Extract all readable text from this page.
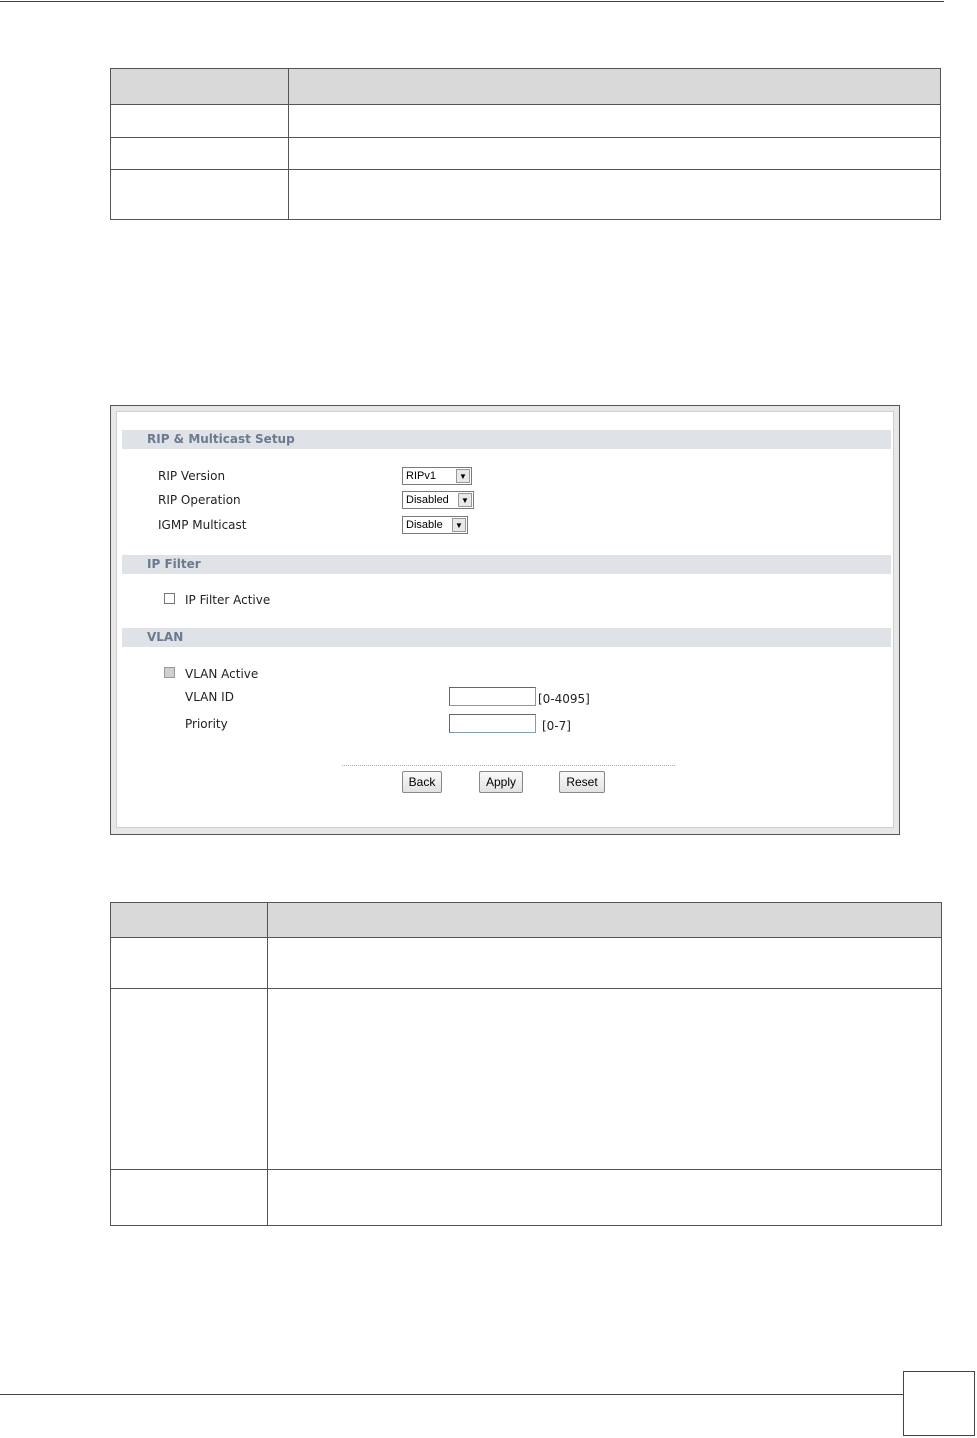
RIP & Multicast Setup
RIP Version	RIPv1	▼
RIP Operation	Disabled	▼
IGMP Multicast	Disable	▼
IP Filter
IP Filter Active
VLAN
VLAN Active
VLAN ID	[0-4095]
Priority	[0-7]
Back	Apply	Reset
